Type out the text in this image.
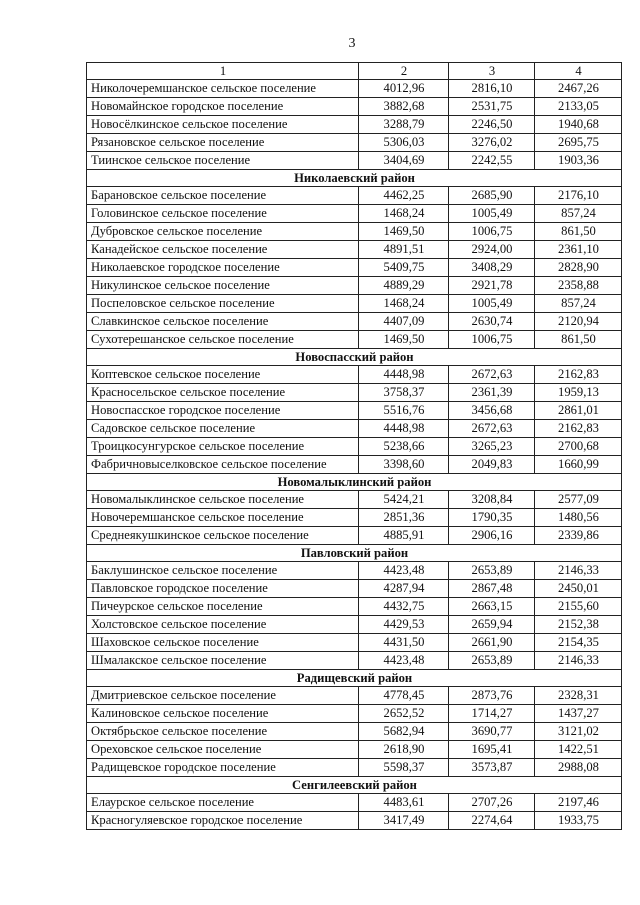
3
1	2	3	4
Николочеремшанское сельское поселение	4012,96	2816,10	2467,26
Новомайнское городское поселение	3882,68	2531,75	2133,05
Новосёлкинское сельское поселение	3288,79	2246,50	1940,68
Рязановское сельское поселение	5306,03	3276,02	2695,75
Тиинское сельское поселение	3404,69	2242,55	1903,36
Николаевский район			
Барановское сельское поселение	4462,25	2685,90	2176,10
Головинское сельское поселение	1468,24	1005,49	857,24
Дубровское сельское поселение	1469,50	1006,75	861,50
Канадейское сельское поселение	4891,51	2924,00	2361,10
Николаевское городское поселение	5409,75	3408,29	2828,90
Никулинское сельское поселение	4889,29	2921,78	2358,88
Поспеловское сельское поселение	1468,24	1005,49	857,24
Славкинское сельское поселение	4407,09	2630,74	2120,94
Сухотерешанское сельское поселение	1469,50	1006,75	861,50
Новоспасский район			
Коптевское сельское поселение	4448,98	2672,63	2162,83
Красносельское сельское поселение	3758,37	2361,39	1959,13
Новоспасское городское поселение	5516,76	3456,68	2861,01
Садовское сельское поселение	4448,98	2672,63	2162,83
Троицкосунгурское сельское поселение	5238,66	3265,23	2700,68
Фабричновыселковское сельское поселение	3398,60	2049,83	1660,99
Новомалыклинский район			
Новомалыклинское сельское поселение	5424,21	3208,84	2577,09
Новочеремшанское сельское поселение	2851,36	1790,35	1480,56
Среднеякушкинское сельское поселение	4885,91	2906,16	2339,86
Павловский район			
Баклушинское сельское поселение	4423,48	2653,89	2146,33
Павловское городское поселение	4287,94	2867,48	2450,01
Пичеурское сельское поселение	4432,75	2663,15	2155,60
Холстовское сельское поселение	4429,53	2659,94	2152,38
Шаховское сельское поселение	4431,50	2661,90	2154,35
Шмалакское сельское поселение	4423,48	2653,89	2146,33
Радищевский район			
Дмитриевское сельское поселение	4778,45	2873,76	2328,31
Калиновское сельское поселение	2652,52	1714,27	1437,27
Октябрьское сельское поселение	5682,94	3690,77	3121,02
Ореховское сельское поселение	2618,90	1695,41	1422,51
Радищевское городское поселение	5598,37	3573,87	2988,08
Сенгилеевский район			
Елаурское сельское поселение	4483,61	2707,26	2197,46
Красногуляевское городское поселение	3417,49	2274,64	1933,75
